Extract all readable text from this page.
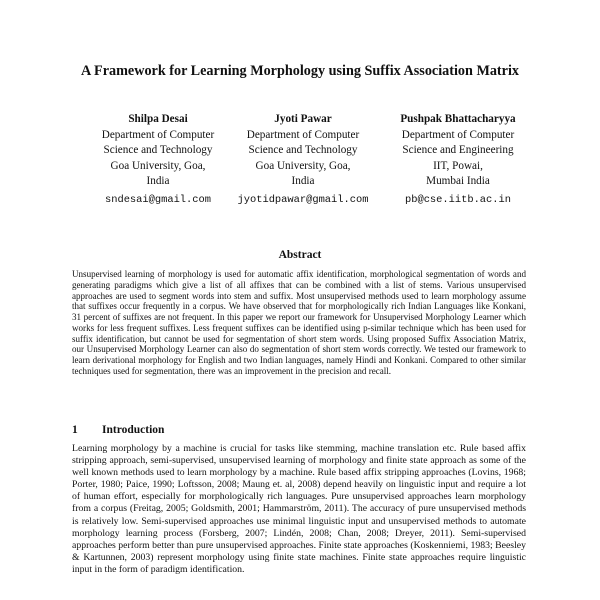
A Framework for Learning Morphology using Suffix Association Matrix
Shilpa Desai
Department of Computer
Science and Technology
Goa University, Goa,
India
sndesai@gmail.com
Jyoti Pawar
Department of Computer
Science and Technology
Goa University, Goa,
India
jyotidpawar@gmail.com
Pushpak Bhattacharyya
Department of Computer
Science and Engineering
IIT, Powai,
Mumbai India
pb@cse.iitb.ac.in
Abstract
Unsupervised learning of morphology is used for automatic affix identification, morphological segmentation of words and generating paradigms which give a list of all affixes that can be combined with a list of stems. Various unsupervised approaches are used to segment words into stem and suffix. Most unsupervised methods used to learn morphology assume that suffixes occur frequently in a corpus. We have observed that for morphologically rich Indian Languages like Konkani, 31 percent of suffixes are not frequent. In this paper we report our framework for Unsupervised Morphology Learner which works for less frequent suffixes. Less frequent suffixes can be identified using p-similar technique which has been used for suffix identification, but cannot be used for segmentation of short stem words. Using proposed Suffix Association Matrix, our Unsupervised Morphology Learner can also do segmentation of short stem words correctly. We tested our framework to learn derivational morphology for English and two Indian languages, namely Hindi and Konkani. Compared to other similar techniques used for segmentation, there was an improvement in the precision and recall.
1 Introduction
Learning morphology by a machine is crucial for tasks like stemming, machine translation etc. Rule based affix stripping approach, semi-supervised, unsupervised learning of morphology and finite state approach as some of the well known methods used to learn morphology by a machine. Rule based affix stripping approaches (Lovins, 1968; Porter, 1980; Paice, 1990; Loftsson, 2008; Maung et. al, 2008) depend heavily on linguistic input and require a lot of human effort, especially for morphologically rich languages. Pure unsupervised approaches learn morphology from a corpus (Freitag, 2005; Goldsmith, 2001; Hammarström, 2011). The accuracy of pure unsupervised methods is relatively low. Semi-supervised approaches use minimal linguistic input and unsupervised methods to automate morphology learning process (Forsberg, 2007; Lindén, 2008; Chan, 2008; Dreyer, 2011). Semi-supervised approaches perform better than pure unsupervised approaches. Finite state approaches (Koskenniemi, 1983; Beesley & Kartunnen, 2003) represent morphology using finite state machines. Finite state approaches require linguistic input in the form of paradigm identification.
